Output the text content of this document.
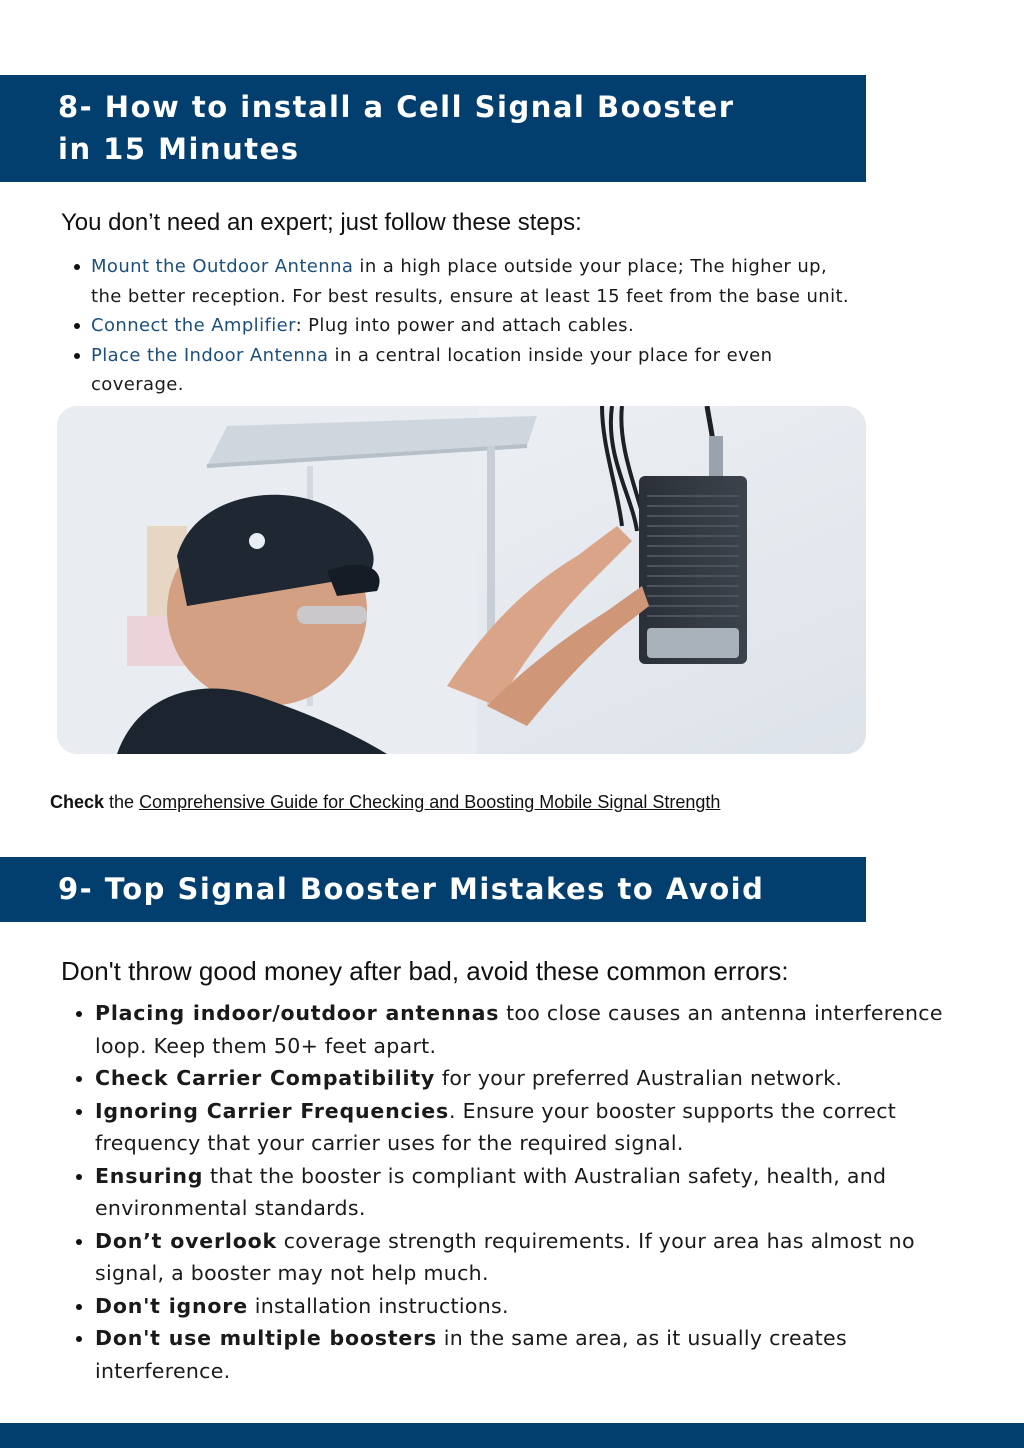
8- How to install a Cell Signal Booster
in 15 Minutes
You don’t need an expert; just follow these steps:
Mount the Outdoor Antenna in a high place outside your place; The higher up, the better reception. For best results, ensure at least 15 feet from the base unit.
Connect the Amplifier: Plug into power and attach cables.
Place the Indoor Antenna in a central location inside your place for even coverage.
Check the Comprehensive Guide for Checking and Boosting Mobile Signal Strength
9- Top Signal Booster Mistakes to Avoid
Don't throw good money after bad, avoid these common errors:
Placing indoor/outdoor antennas too close causes an antenna interference loop. Keep them 50+ feet apart.
Check Carrier Compatibility for your preferred Australian network.
Ignoring Carrier Frequencies. Ensure your booster supports the correct frequency that your carrier uses for the required signal.
Ensuring that the booster is compliant with Australian safety, health, and environmental standards.
Don’t overlook coverage strength requirements. If your area has almost no signal, a booster may not help much.
Don't ignore installation instructions.
Don't use multiple boosters in the same area, as it usually creates interference.
